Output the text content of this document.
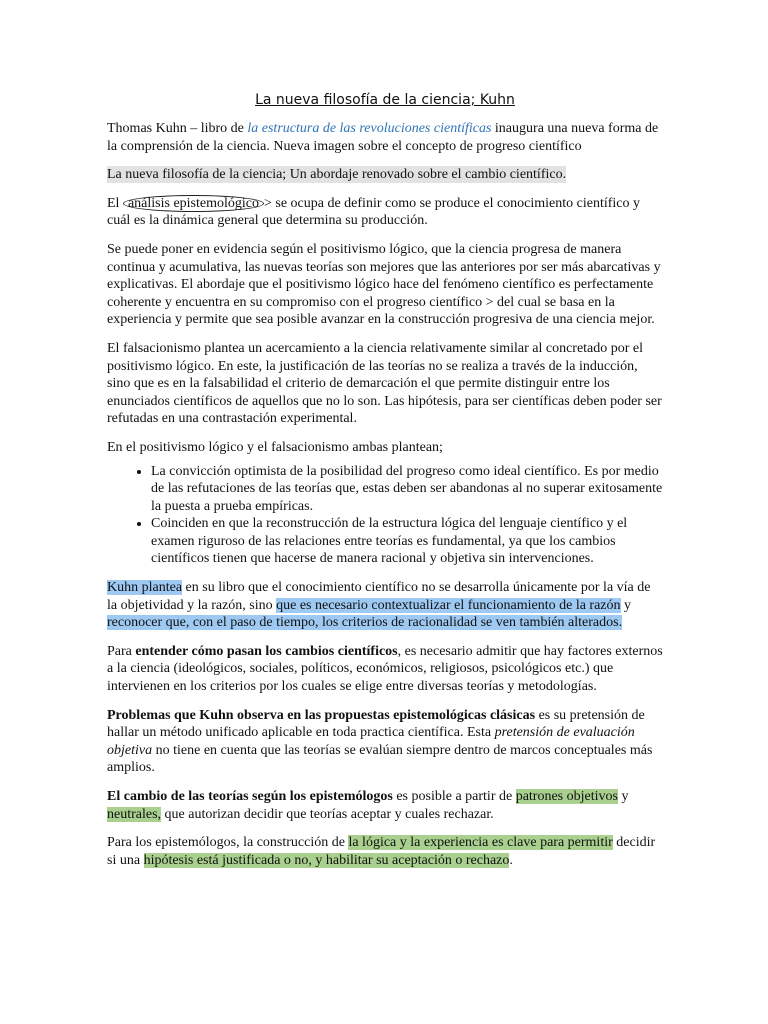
La nueva filosofía de la ciencia; Kuhn

Thomas Kuhn – libro de la estructura de las revoluciones científicas inaugura una nueva forma de la comprensión de la ciencia. Nueva imagen sobre el concepto de progreso científico

La nueva filosofía de la ciencia; Un abordaje renovado sobre el cambio científico.

El análisis epistemológico > se ocupa de definir como se produce el conocimiento científico y cuál es la dinámica general que determina su producción.

Se puede poner en evidencia según el positivismo lógico, que la ciencia progresa de manera continua y acumulativa, las nuevas teorías son mejores que las anteriores por ser más abarcativas y explicativas. El abordaje que el positivismo lógico hace del fenómeno científico es perfectamente coherente y encuentra en su compromiso con el progreso científico > del cual se basa en la experiencia y permite que sea posible avanzar en la construcción progresiva de una ciencia mejor.

El falsacionismo plantea un acercamiento a la ciencia relativamente similar al concretado por el positivismo lógico. En este, la justificación de las teorías no se realiza a través de la inducción, sino que es en la falsabilidad el criterio de demarcación el que permite distinguir entre los enunciados científicos de aquellos que no lo son. Las hipótesis, para ser científicas deben poder ser refutadas en una contrastación experimental.

En el positivismo lógico y el falsacionismo ambas plantean;

• La convicción optimista de la posibilidad del progreso como ideal científico. Es por medio de las refutaciones de las teorías que, estas deben ser abandonas al no superar exitosamente la puesta a prueba empíricas.
• Coinciden en que la reconstrucción de la estructura lógica del lenguaje científico y el examen riguroso de las relaciones entre teorías es fundamental, ya que los cambios científicos tienen que hacerse de manera racional y objetiva sin intervenciones.

Kuhn plantea en su libro que el conocimiento científico no se desarrolla únicamente por la vía de la objetividad y la razón, sino que es necesario contextualizar el funcionamiento de la razón y reconocer que, con el paso de tiempo, los criterios de racionalidad se ven también alterados.

Para entender cómo pasan los cambios científicos, es necesario admitir que hay factores externos a la ciencia (ideológicos, sociales, políticos, económicos, religiosos, psicológicos etc.) que intervienen en los criterios por los cuales se elige entre diversas teorías y metodologías.

Problemas que Kuhn observa en las propuestas epistemológicas clásicas es su pretensión de hallar un método unificado aplicable en toda practica científica. Esta pretensión de evaluación objetiva no tiene en cuenta que las teorías se evalúan siempre dentro de marcos conceptuales más amplios.

El cambio de las teorías según los epistemólogos es posible a partir de patrones objetivos y neutrales, que autorizan decidir que teorías aceptar y cuales rechazar.

Para los epistemólogos, la construcción de la lógica y la experiencia es clave para permitir decidir si una hipótesis está justificada o no, y habilitar su aceptación o rechazo.
